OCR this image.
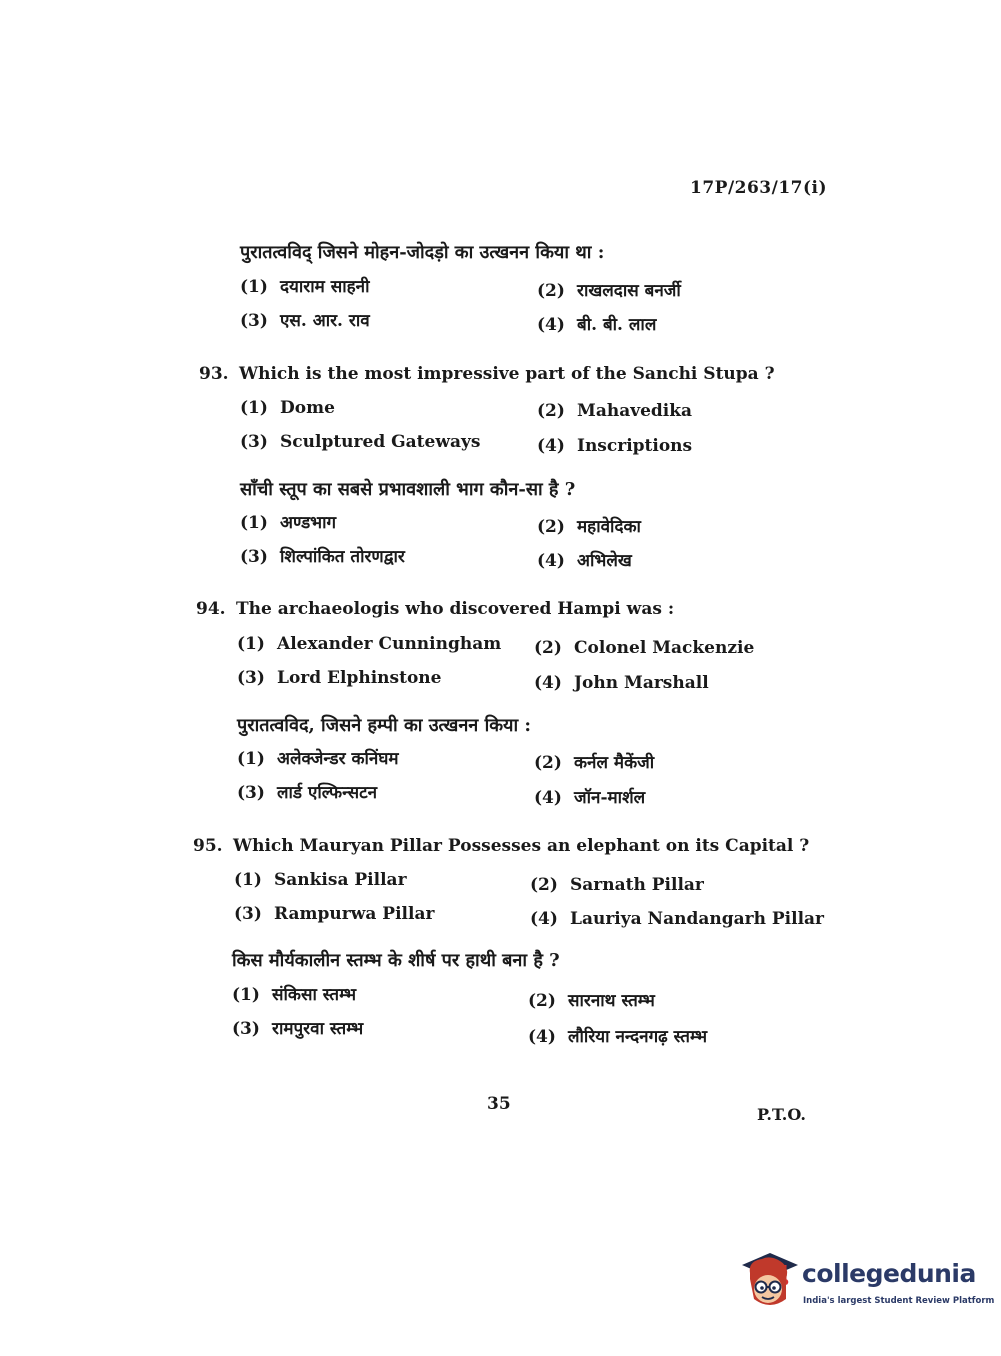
17P/263/17(i)
पुरातत्वविद् जिसने मोहन-जोदड़ो का उत्खनन किया था :
(1) दयाराम साहनी	(2) राखलदास बनर्जी
(3) एस. आर. राव	(4) बी. बी. लाल
93. Which is the most impressive part of the Sanchi Stupa ?
(1) Dome	(2) Mahavedika
(3) Sculptured Gateways	(4) Inscriptions
साँची स्तूप का सबसे प्रभावशाली भाग कौन-सा है ?
(1) अण्डभाग	(2) महावेदिका
(3) शिल्पांकित तोरणद्वार	(4) अभिलेख
94. The archaeologis who discovered Hampi was :
(1) Alexander Cunningham (2) Colonel Mackenzie
(3) Lord Elphinstone	(4) John Marshall
पुरातत्वविद, जिसने हम्पी का उत्खनन किया :
(1) अलेक्जेन्डर कनिंघम	(2) कर्नल मैकेंजी
(3) लार्ड एल्फिन्सटन	(4) जॉन-मार्शल
95. Which Mauryan Pillar Possesses an elephant on its Capital ?
(1) Sankisa Pillar	(2) Sarnath Pillar
(3) Rampurwa Pillar	(4) Lauriya Nandangarh Pillar
किस मौर्यकालीन स्तम्भ के शीर्ष पर हाथी बना है ?
(1) संकिसा स्तम्भ	(2) सारनाथ स्तम्भ
(3) रामपुरवा स्तम्भ	(4) लौरिया नन्दनगढ़ स्तम्भ
35
P.T.O.
collegedunia
India's largest Student Review Platform
